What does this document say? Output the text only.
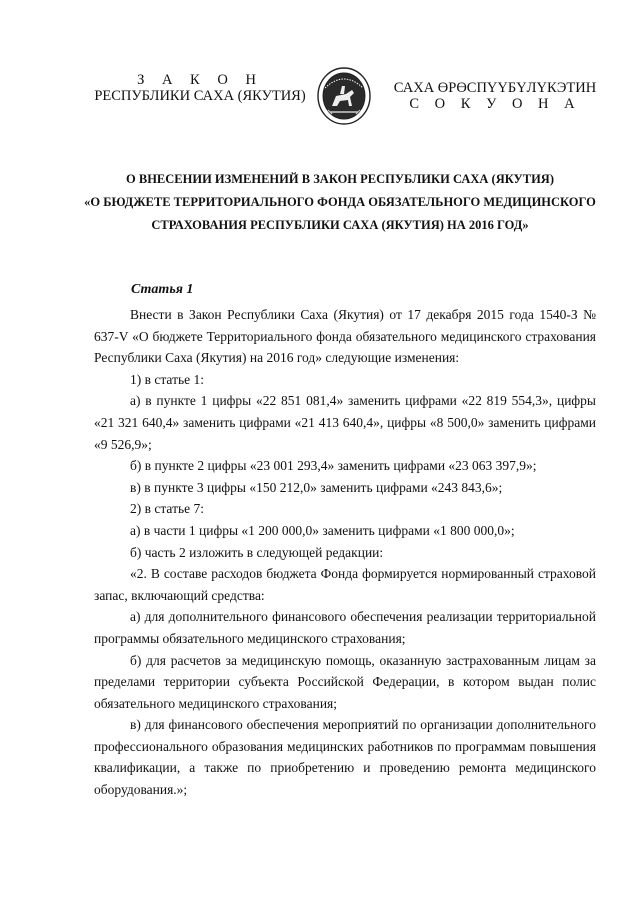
З А К О Н
РЕСПУБЛИКИ САХА (ЯКУТИЯ)	САХА ӨРӨСПҮҮБҮЛҮКЭТИН
С О К У О Н А
О ВНЕСЕНИИ ИЗМЕНЕНИЙ В ЗАКОН РЕСПУБЛИКИ САХА (ЯКУТИЯ)
«О БЮДЖЕТЕ ТЕРРИТОРИАЛЬНОГО ФОНДА ОБЯЗАТЕЛЬНОГО МЕДИЦИНСКОГО
СТРАХОВАНИЯ РЕСПУБЛИКИ САХА (ЯКУТИЯ) НА 2016 ГОД»
Статья 1

Внести в Закон Республики Саха (Якутия) от 17 декабря 2015 года 1540-З № 637-V «О бюджете Территориального фонда обязательного медицинского страхования Республики Саха (Якутия) на 2016 год» следующие изменения:

1) в статье 1:

а) в пункте 1 цифры «22 851 081,4» заменить цифрами «22 819 554,3», цифры «21 321 640,4» заменить цифрами «21 413 640,4», цифры «8 500,0» заменить цифрами «9 526,9»;

б) в пункте 2 цифры «23 001 293,4» заменить цифрами «23 063 397,9»;

в) в пункте 3 цифры «150 212,0» заменить цифрами «243 843,6»;

2) в статье 7:

а) в части 1 цифры «1 200 000,0» заменить цифрами «1 800 000,0»;

б) часть 2 изложить в следующей редакции:

«2. В составе расходов бюджета Фонда формируется нормированный страховой запас, включающий средства:

а) для дополнительного финансового обеспечения реализации территориальной программы обязательного медицинского страхования;

б) для расчетов за медицинскую помощь, оказанную застрахованным лицам за пределами территории субъекта Российской Федерации, в котором выдан полис обязательного медицинского страхования;

в) для финансового обеспечения мероприятий по организации дополнительного профессионального образования медицинских работников по программам повышения квалификации, а также по приобретению и проведению ремонта медицинского оборудования.»;
